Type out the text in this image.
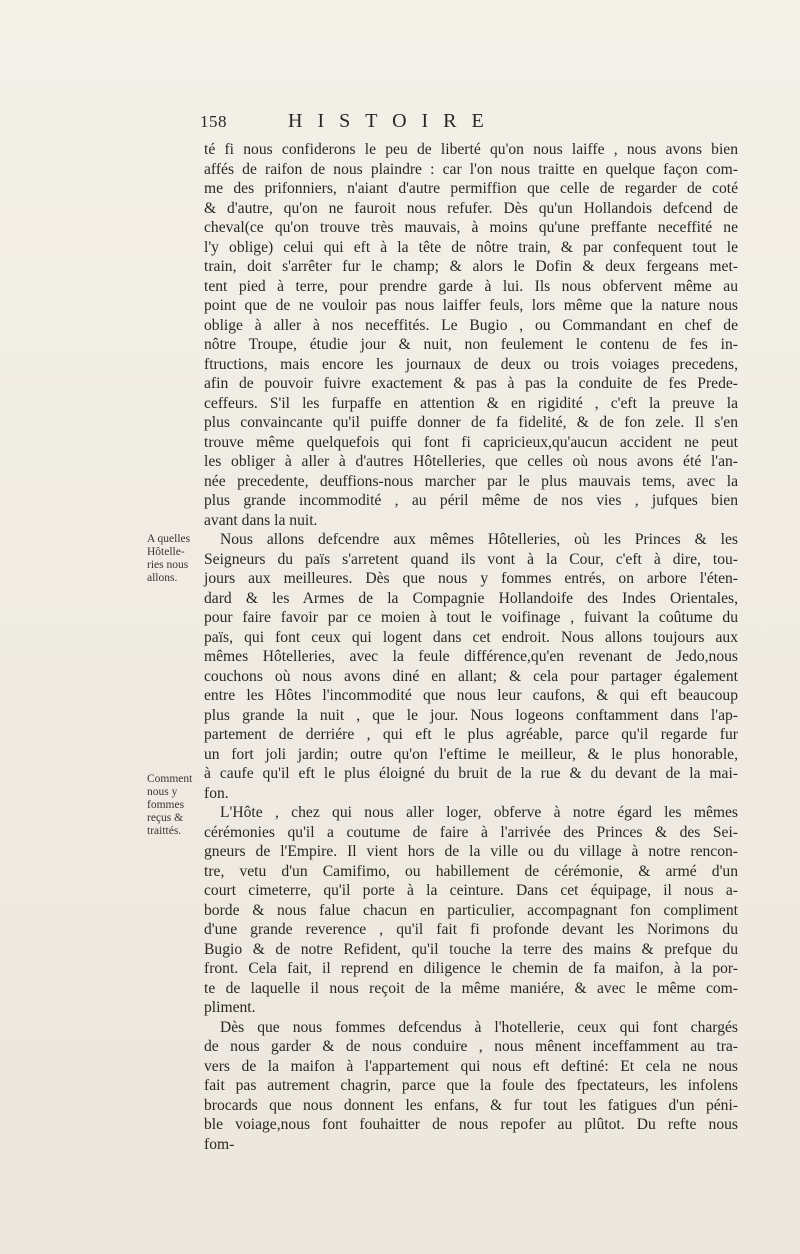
158	HISTOIRE
A quelles
Hôtelle-
ries nous
allons.
Comment
nous y
fommes
reçus &
traittés.
té fi nous confiderons le peu de liberté qu'on nous laiffe , nous avons bien
affés de raifon de nous plaindre : car l'on nous traitte en quelque façon com-
me des prifonniers, n'aiant d'autre permiffion que celle de regarder de coté
& d'autre, qu'on ne fauroit nous refufer. Dès qu'un Hollandois defcend de
cheval(ce qu'on trouve très mauvais, à moins qu'une preffante neceffité ne
l'y oblige) celui qui eft à la tête de nôtre train, & par confequent tout le
train, doit s'arrêter fur le champ; & alors le Dofin & deux fergeans met-
tent pied à terre, pour prendre garde à lui. Ils nous obfervent même au
point que de ne vouloir pas nous laiffer feuls, lors même que la nature nous
oblige à aller à nos neceffités. Le Bugio , ou Commandant en chef de
nôtre Troupe, étudie jour & nuit, non feulement le contenu de fes in-
ftructions, mais encore les journaux de deux ou trois voiages precedens,
afin de pouvoir fuivre exactement & pas à pas la conduite de fes Prede-
ceffeurs. S'il les furpaffe en attention & en rigidité , c'eft la preuve la
plus convaincante qu'il puiffe donner de fa fidelité, & de fon zele. Il s'en
trouve même quelquefois qui font fi capricieux,qu'aucun accident ne peut
les obliger à aller à d'autres Hôtelleries, que celles où nous avons été l'an-
née precedente, deuffions-nous marcher par le plus mauvais tems, avec la
plus grande incommodité , au péril même de nos vies , jufques bien
avant dans la nuit.
Nous allons defcendre aux mêmes Hôtelleries, où les Princes & les
Seigneurs du païs s'arretent quand ils vont à la Cour, c'eft à dire, tou-
jours aux meilleures. Dès que nous y fommes entrés, on arbore l'éten-
dard & les Armes de la Compagnie Hollandoife des Indes Orientales,
pour faire favoir par ce moien à tout le voifinage , fuivant la coûtume du
païs, qui font ceux qui logent dans cet endroit. Nous allons toujours aux
mêmes Hôtelleries, avec la feule différence,qu'en revenant de Jedo,nous
couchons où nous avons diné en allant; & cela pour partager également
entre les Hôtes l'incommodité que nous leur caufons, & qui eft beaucoup
plus grande la nuit , que le jour. Nous logeons conftamment dans l'ap-
partement de derriére , qui eft le plus agréable, parce qu'il regarde fur
un fort joli jardin; outre qu'on l'eftime le meilleur, & le plus honorable,
à caufe qu'il eft le plus éloigné du bruit de la rue & du devant de la mai-
fon.
L'Hôte , chez qui nous aller loger, obferve à notre égard les mêmes
cérémonies qu'il a coutume de faire à l'arrivée des Princes & des Sei-
gneurs de l'Empire. Il vient hors de la ville ou du village à notre rencon-
tre, vetu d'un Camifimo, ou habillement de cérémonie, & armé d'un
court cimeterre, qu'il porte à la ceinture. Dans cet équipage, il nous a-
borde & nous falue chacun en particulier, accompagnant fon compliment
d'une grande reverence , qu'il fait fi profonde devant les Norimons du
Bugio & de notre Refident, qu'il touche la terre des mains & prefque du
front. Cela fait, il reprend en diligence le chemin de fa maifon, à la por-
te de laquelle il nous reçoit de la même maniére, & avec le même com-
pliment.
Dès que nous fommes defcendus à l'hotellerie, ceux qui font chargés
de nous garder & de nous conduire , nous mênent inceffamment au tra-
vers de la maifon à l'appartement qui nous eft deftiné: Et cela ne nous
fait pas autrement chagrin, parce que la foule des fpectateurs, les infolens
brocards que nous donnent les enfans, & fur tout les fatigues d'un péni-
ble voiage,nous font fouhaitter de nous repofer au plûtot. Du refte nous
fom-
